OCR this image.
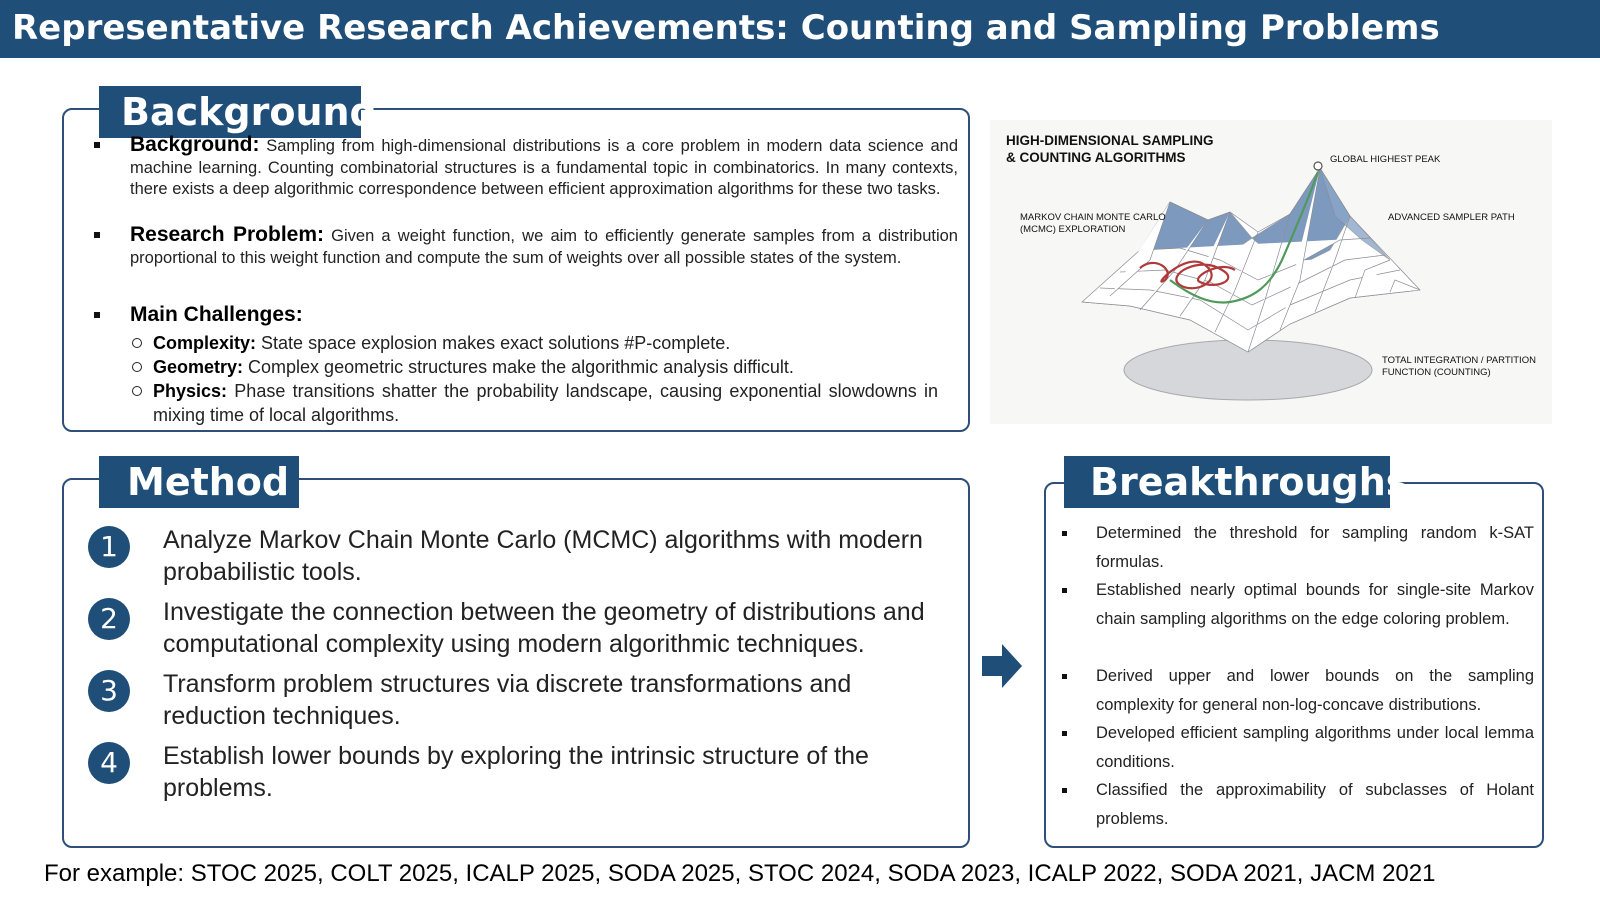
Representative Research Achievements: Counting and Sampling Problems
Background
Background: Sampling from high-dimensional distributions is a core problem in modern data science and machine learning. Counting combinatorial structures is a fundamental topic in combinatorics. In many contexts, there exists a deep algorithmic correspondence between efficient approximation algorithms for these two tasks.
Research Problem: Given a weight function, we aim to efficiently generate samples from a distribution proportional to this weight function and compute the sum of weights over all possible states of the system.
Main Challenges:
Complexity: State space explosion makes exact solutions #P-complete.
Geometry: Complex geometric structures make the algorithmic analysis difficult.
Physics: Phase transitions shatter the probability landscape, causing exponential slowdowns in mixing time of local algorithms.
HIGH-DIMENSIONAL SAMPLING
& COUNTING ALGORITHMS	GLOBAL HIGHEST PEAK
MARKOV CHAIN MONTE CARLO
(MCMC) EXPLORATION
ADVANCED SAMPLER PATH
TOTAL INTEGRATION / PARTITION
FUNCTION (COUNTING)
Method
1	Analyze Markov Chain Monte Carlo (MCMC) algorithms with modern probabilistic tools.
2	Investigate the connection between the geometry of distributions and computational complexity using modern algorithmic techniques.
3	Transform problem structures via discrete transformations and reduction techniques.
4	Establish lower bounds by exploring the intrinsic structure of the problems.
Breakthroughs
Determined the threshold for sampling random k-SAT formulas.
Established nearly optimal bounds for single-site Markov chain sampling algorithms on the edge coloring problem.
Derived upper and lower bounds on the sampling complexity for general non-log-concave distributions.
Developed efficient sampling algorithms under local lemma conditions.
Classified the approximability of subclasses of Holant problems.
For example: STOC 2025, COLT 2025, ICALP 2025, SODA 2025, STOC 2024, SODA 2023, ICALP 2022, SODA 2021, JACM 2021
